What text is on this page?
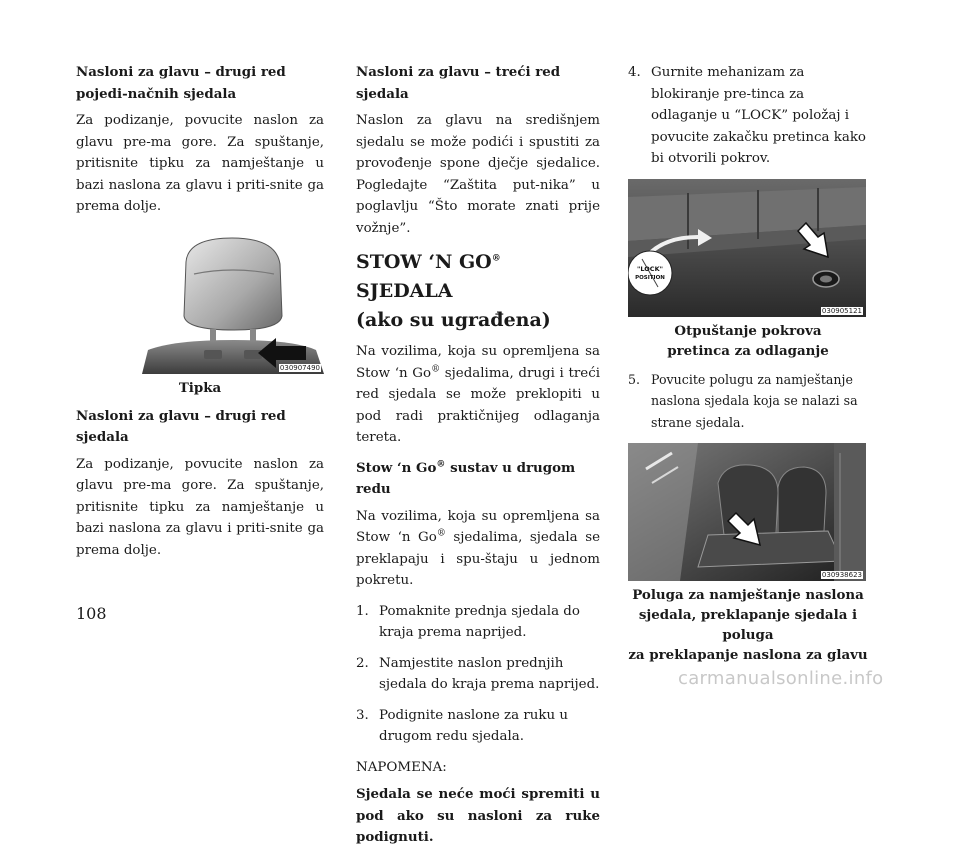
Nasloni za glavu – drugi red pojedi-načnih sjedala

Za podizanje, povucite naslon za glavu pre-ma gore. Za spuštanje, pritisnite tipku za namještanje u bazi naslona za glavu i priti-snite ga prema dolje.

030907490

Tipka

Nasloni za glavu – drugi red sjedala

Za podizanje, povucite naslon za glavu pre-ma gore. Za spuštanje, pritisnite tipku za namještanje u bazi naslona za glavu i priti-snite ga prema dolje.

Nasloni za glavu – treći red sjedala

Naslon za glavu na središnjem sjedalu se može podići i spustiti za provođenje spone dječje sjedalice. Pogledajte “Zaštita put-nika” u poglavlju “Što morate znati prije vožnje”.

STOW ‘N GO® SJEDALA

(ako su ugrađena)

Na vozilima, koja su opremljena sa Stow ‘n Go® sjedalima, drugi i treći red sjedala se može preklopiti u pod radi praktičnijeg odlaganja tereta.

Stow ‘n Go® sustav u drugom redu

Na vozilima, koja su opremljena sa Stow ‘n Go® sjedalima, sjedala se preklapaju i spu-štaju u jednom pokretu.

1. Pomaknite prednja sjedala do kraja prema naprijed.
2. Namjestite naslon prednjih sjedala do kraja prema naprijed.
3. Podignite naslone za ruku u drugom redu sjedala.

NAPOMENA:

Sjedala se neće moći spremiti u pod ako su nasloni za ruke podignuti.

4. Gurnite mehanizam za blokiranje pre-tinca za odlaganje u “LOCK” položaj i povucite zakačku pretinca kako bi otvorili pokrov.
"LOCK"
POSITION
030905121

Otpuštanje pokrova
pretinca za odlaganje

5. Povucite polugu za namještanje naslona sjedala koja se nalazi sa strane sjedala.
030938623

Poluga za namještanje naslona
sjedala, preklapanje sjedala i poluga
za preklapanje naslona za glavu

108
carmanualsonline.info
